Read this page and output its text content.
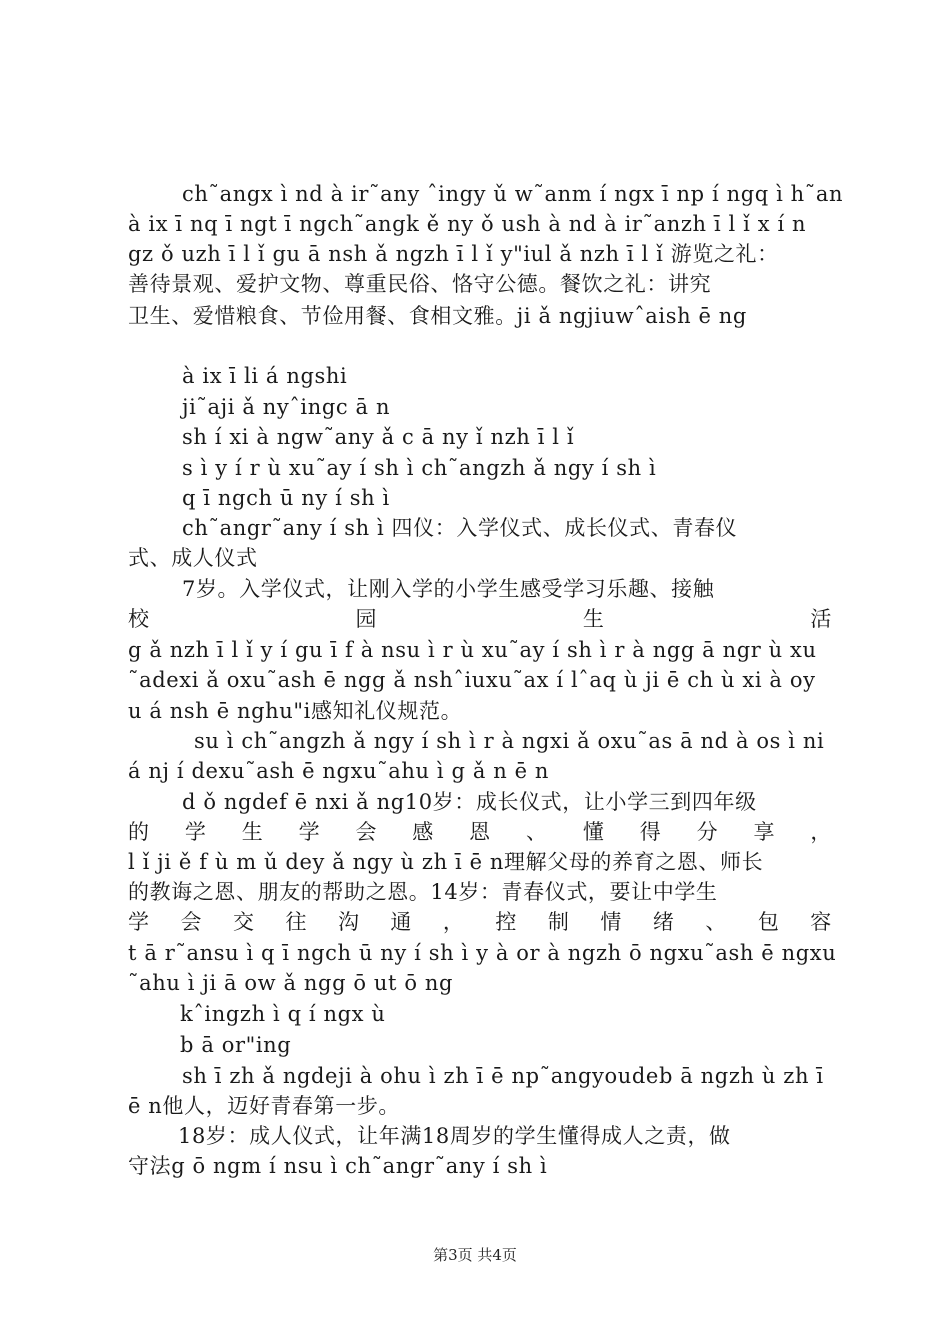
ch˜angx ì nd à ir˜any ˆingy ǔ w˜anm í ngx ī np í ngq ì h˜an
à ix ī nq ī ngt ī ngch˜angk ě ny ǒ ush à nd à ir˜anzh ī l ǐ x í n
gz ǒ uzh ī l ǐ gu ā nsh ǎ ngzh ī l ǐ y"iul ǎ nzh ī l ǐ 游览之礼：
善待景观、爱护文物、尊重民俗、恪守公德。餐饮之礼：讲究
卫生、爱惜粮食、节俭用餐、食相文雅。ji ǎ ngjiuwˆaish ē ng
à ix ī li á ngshi
ji˜aji ǎ nyˆingc ā n
sh í xi à ngw˜any ǎ c ā ny ǐ nzh ī l ǐ
s ì y í r ù xu˜ay í sh ì ch˜angzh ǎ ngy í sh ì
q ī ngch ū ny í sh ì
ch˜angr˜any í sh ì 四仪：入学仪式、成长仪式、青春仪
式、成人仪式
7岁。入学仪式，让刚入学的小学生感受学习乐趣、接触
校	园	生	活
g ǎ nzh ī l ǐ y í gu ī f à nsu ì r ù xu˜ay í sh ì r à ngg ā ngr ù xu
˜adexi ǎ oxu˜ash ē ngg ǎ nshˆiuxu˜ax í lˆaq ù ji ē ch ù xi à oy
u á nsh ē nghu"i感知礼仪规范。
su ì ch˜angzh ǎ ngy í sh ì r à ngxi ǎ oxu˜as ā nd à os ì ni
á nj í dexu˜ash ē ngxu˜ahu ì g ǎ n ē n
d ǒ ngdef ē nxi ǎ ng10岁：成长仪式，让小学三到四年级
的 学 生 学 会 感 恩 、 懂 得 分 享 ，
l ǐ ji ě f ù m ǔ dey ǎ ngy ù zh ī ē n理解父母的养育之恩、师长
的教诲之恩、朋友的帮助之恩。14岁：青春仪式，要让中学生
学 会 交 往 沟 通 ， 控 制 情 绪 、 包 容
t ā r˜ansu ì q ī ngch ū ny í sh ì y à or à ngzh ō ngxu˜ash ē ngxu
˜ahu ì ji ā ow ǎ ngg ō ut ō ng
kˆingzh ì q í ngx ù
b ā or"ing
sh ī zh ǎ ngdeji à ohu ì zh ī ē np˜angyoudeb ā ngzh ù zh ī
ē n他人，迈好青春第一步。
18岁：成人仪式，让年满18周岁的学生懂得成人之责，做
守法g ō ngm í nsu ì ch˜angr˜any í sh ì
第3页 共4页
